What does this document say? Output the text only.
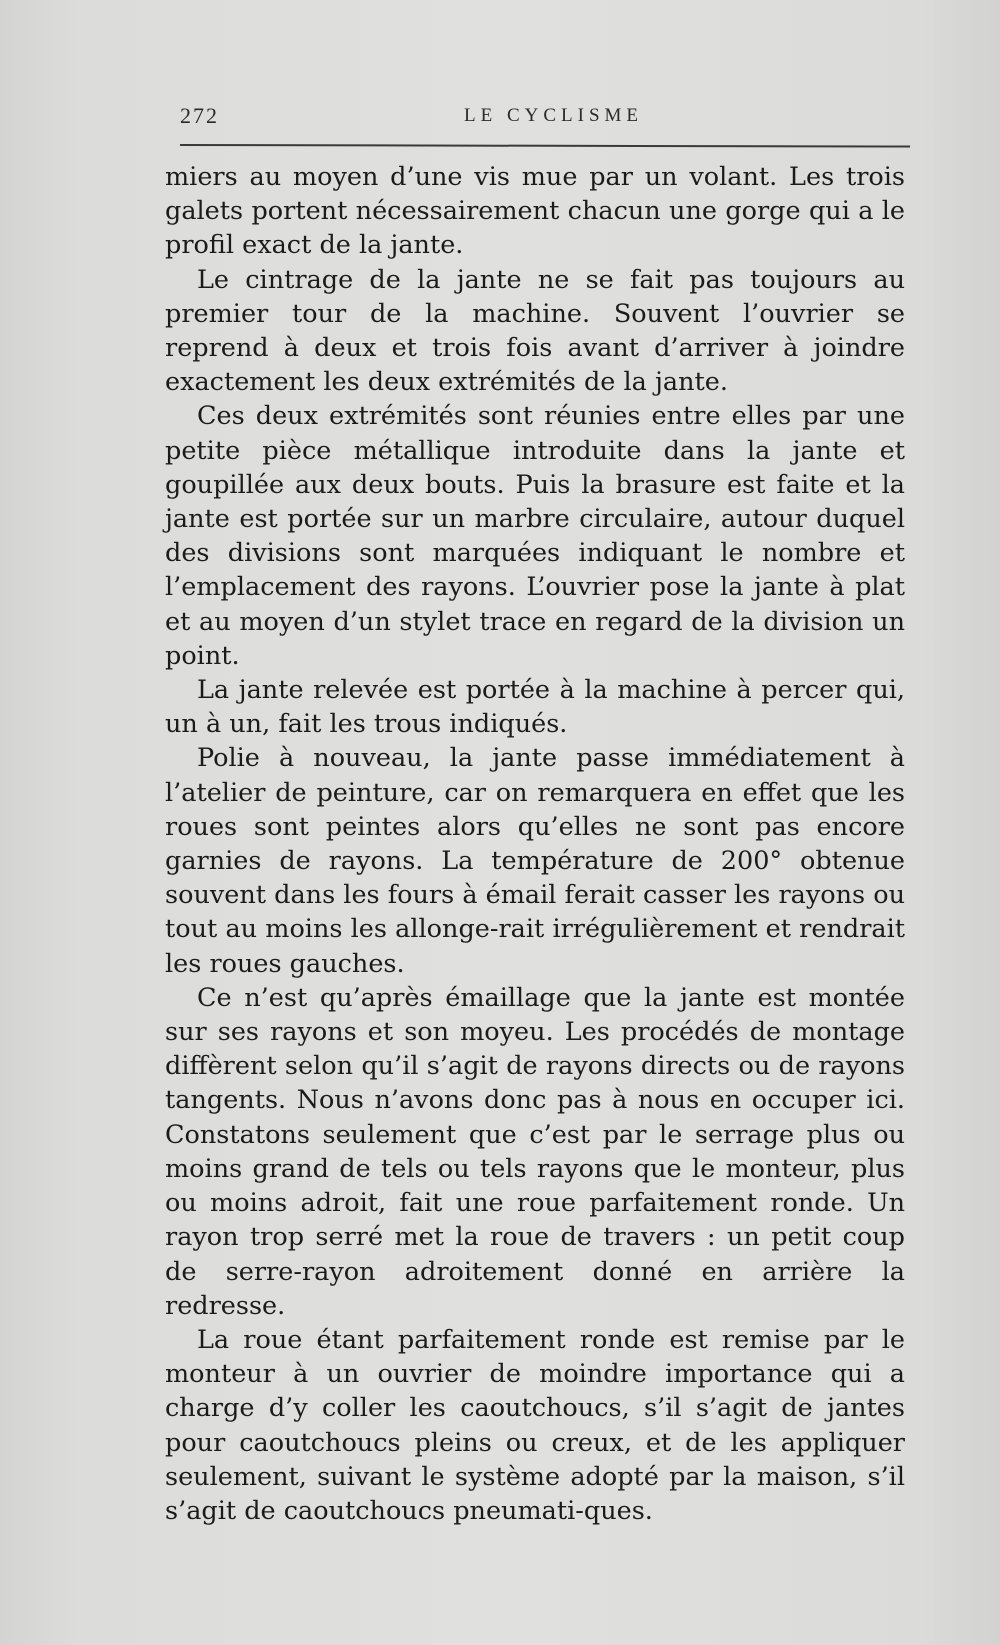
272	LE CYCLISME

miers au moyen d’une vis mue par un volant. Les trois galets portent nécessairement chacun une gorge qui a le profil exact de la jante.

Le cintrage de la jante ne se fait pas toujours au premier tour de la machine. Souvent l’ouvrier se reprend à deux et trois fois avant d’arriver à joindre exactement les deux extrémités de la jante.

Ces deux extrémités sont réunies entre elles par une petite pièce métallique introduite dans la jante et goupillée aux deux bouts. Puis la brasure est faite et la jante est portée sur un marbre circulaire, autour duquel des divisions sont marquées indiquant le nombre et l’emplacement des rayons. L’ouvrier pose la jante à plat et au moyen d’un stylet trace en regard de la division un point.

La jante relevée est portée à la machine à percer qui, un à un, fait les trous indiqués.

Polie à nouveau, la jante passe immédiatement à l’atelier de peinture, car on remarquera en effet que les roues sont peintes alors qu’elles ne sont pas encore garnies de rayons. La température de 200° obtenue souvent dans les fours à émail ferait casser les rayons ou tout au moins les allonge-rait irrégulièrement et rendrait les roues gauches.

Ce n’est qu’après émaillage que la jante est montée sur ses rayons et son moyeu. Les procédés de montage diffèrent selon qu’il s’agit de rayons directs ou de rayons tangents. Nous n’avons donc pas à nous en occuper ici. Constatons seulement que c’est par le serrage plus ou moins grand de tels ou tels rayons que le monteur, plus ou moins adroit, fait une roue parfaitement ronde. Un rayon trop serré met la roue de travers : un petit coup de serre-rayon adroitement donné en arrière la redresse.

La roue étant parfaitement ronde est remise par le monteur à un ouvrier de moindre importance qui a charge d’y coller les caoutchoucs, s’il s’agit de jantes pour caoutchoucs pleins ou creux, et de les appliquer seulement, suivant le système adopté par la maison, s’il s’agit de caoutchoucs pneumati-ques.
